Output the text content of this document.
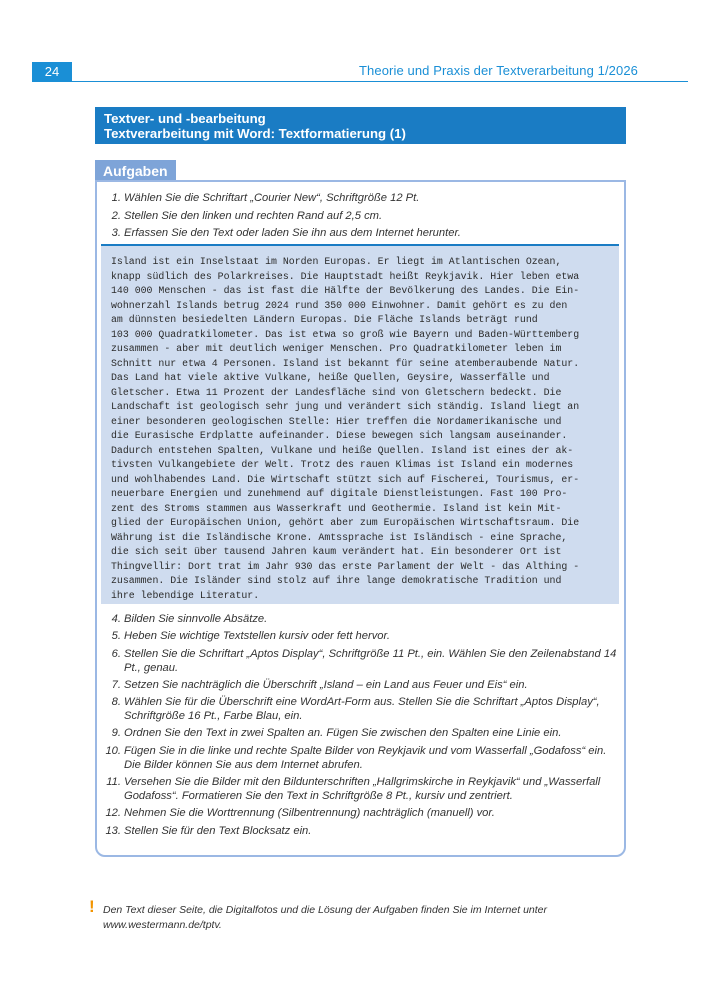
24	Theorie und Praxis der Textverarbeitung 1/2026
Textver- und -bearbeitung
Textverarbeitung mit Word: Textformatierung (1)
Aufgaben
1. Wählen Sie die Schriftart „Courier New“, Schriftgröße 12 Pt.
2. Stellen Sie den linken und rechten Rand auf 2,5 cm.
3. Erfassen Sie den Text oder laden Sie ihn aus dem Internet herunter.
Island ist ein Inselstaat im Norden Europas. Er liegt im Atlantischen Ozean,
knapp südlich des Polarkreises. Die Hauptstadt heißt Reykjavik. Hier leben etwa
140 000 Menschen - das ist fast die Hälfte der Bevölkerung des Landes. Die Ein-
wohnerzahl Islands betrug 2024 rund 350 000 Einwohner. Damit gehört es zu den
am dünnsten besiedelten Ländern Europas. Die Fläche Islands beträgt rund
103 000 Quadratkilometer. Das ist etwa so groß wie Bayern und Baden-Württemberg
zusammen - aber mit deutlich weniger Menschen. Pro Quadratkilometer leben im
Schnitt nur etwa 4 Personen. Island ist bekannt für seine atemberaubende Natur.
Das Land hat viele aktive Vulkane, heiße Quellen, Geysire, Wasserfälle und
Gletscher. Etwa 11 Prozent der Landesfläche sind von Gletschern bedeckt. Die
Landschaft ist geologisch sehr jung und verändert sich ständig. Island liegt an
einer besonderen geologischen Stelle: Hier treffen die Nordamerikanische und
die Eurasische Erdplatte aufeinander. Diese bewegen sich langsam auseinander.
Dadurch entstehen Spalten, Vulkane und heiße Quellen. Island ist eines der ak-
tivsten Vulkangebiete der Welt. Trotz des rauen Klimas ist Island ein modernes
und wohlhabendes Land. Die Wirtschaft stützt sich auf Fischerei, Tourismus, er-
neuerbare Energien und zunehmend auf digitale Dienstleistungen. Fast 100 Pro-
zent des Stroms stammen aus Wasserkraft und Geothermie. Island ist kein Mit-
glied der Europäischen Union, gehört aber zum Europäischen Wirtschaftsraum. Die
Währung ist die Isländische Krone. Amtssprache ist Isländisch - eine Sprache,
die sich seit über tausend Jahren kaum verändert hat. Ein besonderer Ort ist
Thingvellir: Dort trat im Jahr 930 das erste Parlament der Welt - das Althing -
zusammen. Die Isländer sind stolz auf ihre lange demokratische Tradition und
ihre lebendige Literatur.
4. Bilden Sie sinnvolle Absätze.
5. Heben Sie wichtige Textstellen kursiv oder fett hervor.
6. Stellen Sie die Schriftart „Aptos Display“, Schriftgröße 11 Pt., ein. Wählen Sie den Zeilenabstand 14 Pt., genau.
7. Setzen Sie nachträglich die Überschrift „Island – ein Land aus Feuer und Eis“ ein.
8. Wählen Sie für die Überschrift eine WordArt-Form aus. Stellen Sie die Schriftart „Aptos Display“, Schriftgröße 16 Pt., Farbe Blau, ein.
9. Ordnen Sie den Text in zwei Spalten an. Fügen Sie zwischen den Spalten eine Linie ein.
10. Fügen Sie in die linke und rechte Spalte Bilder von Reykjavik und vom Wasserfall „Godafoss“ ein. Die Bilder können Sie aus dem Internet abrufen.
11. Versehen Sie die Bilder mit den Bildunterschriften „Hallgrimskirche in Reykjavik“ und „Wasserfall Godafoss“. Formatieren Sie den Text in Schriftgröße 8 Pt., kursiv und zentriert.
12. Nehmen Sie die Worttrennung (Silbentrennung) nachträglich (manuell) vor.
13. Stellen Sie für den Text Blocksatz ein.
! Den Text dieser Seite, die Digitalfotos und die Lösung der Aufgaben finden Sie im Internet unter www.westermann.de/tptv.
